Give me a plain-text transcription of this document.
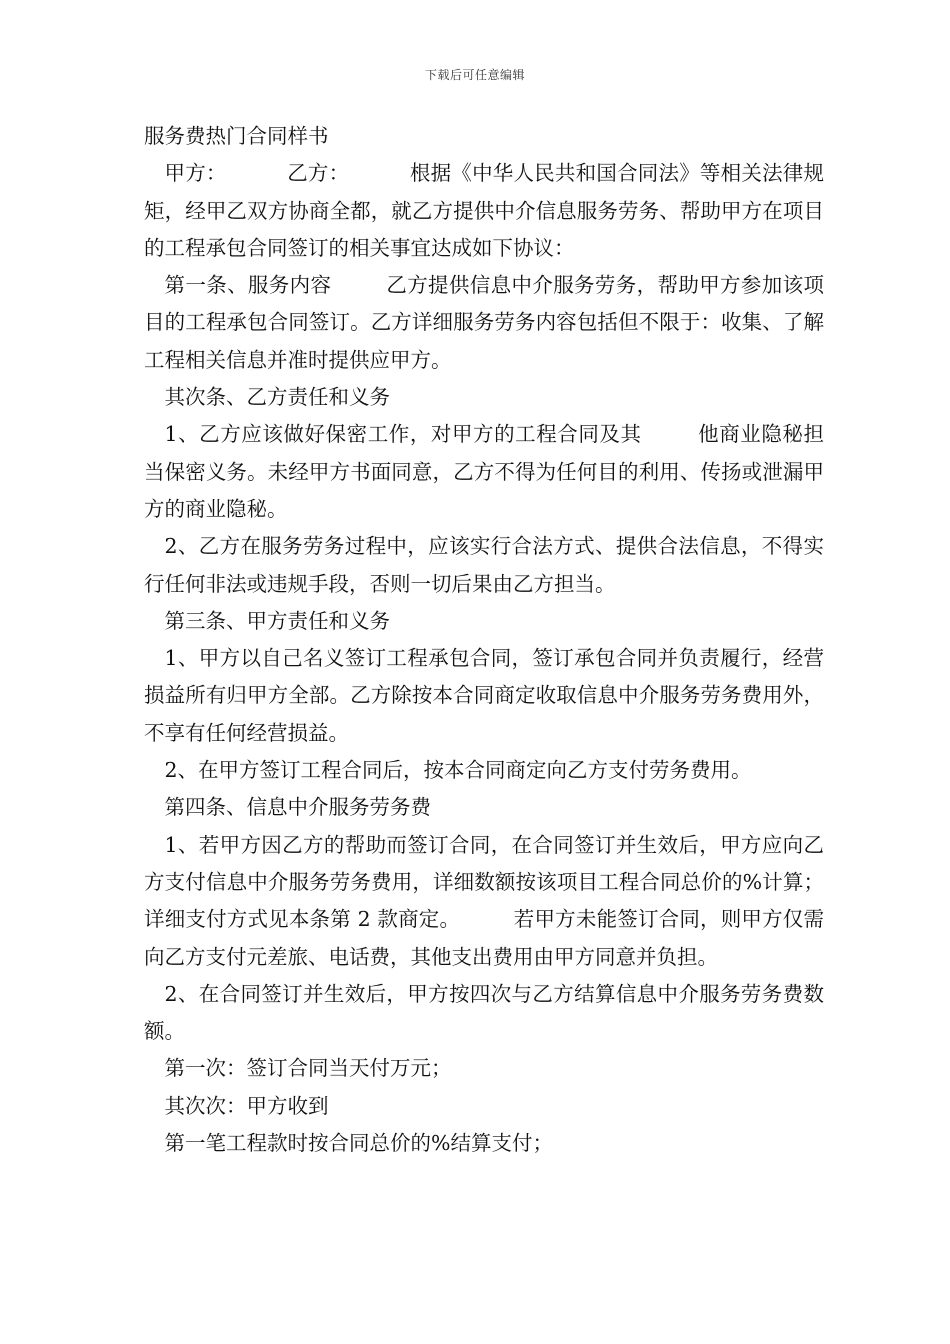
下载后可任意编辑

服务费热门合同样书

甲方：         乙方：         根据《中华人民共和国合同法》等相关法律规矩，经甲乙双方协商全都，就乙方提供中介信息服务劳务、帮助甲方在项目的工程承包合同签订的相关事宜达成如下协议：

第一条、服务内容        乙方提供信息中介服务劳务，帮助甲方参加该项目的工程承包合同签订。乙方详细服务劳务内容包括但不限于：收集、了解工程相关信息并准时提供应甲方。

其次条、乙方责任和义务

1、乙方应该做好保密工作，对甲方的工程合同及其        他商业隐秘担当保密义务。未经甲方书面同意，乙方不得为任何目的利用、传扬或泄漏甲方的商业隐秘。

2、乙方在服务劳务过程中，应该实行合法方式、提供合法信息，不得实行任何非法或违规手段，否则一切后果由乙方担当。

第三条、甲方责任和义务

1、甲方以自己名义签订工程承包合同，签订承包合同并负责履行，经营损益所有归甲方全部。乙方除按本合同商定收取信息中介服务劳务费用外，不享有任何经营损益。

2、在甲方签订工程合同后，按本合同商定向乙方支付劳务费用。

第四条、信息中介服务劳务费

1、若甲方因乙方的帮助而签订合同，在合同签订并生效后，甲方应向乙方支付信息中介服务劳务费用，详细数额按该项目工程合同总价的%计算；详细支付方式见本条第 2 款商定。        若甲方未能签订合同，则甲方仅需向乙方支付元差旅、电话费，其他支出费用由甲方同意并负担。

2、在合同签订并生效后，甲方按四次与乙方结算信息中介服务劳务费数额。

第一次：签订合同当天付万元；

其次次：甲方收到

第一笔工程款时按合同总价的%结算支付；
